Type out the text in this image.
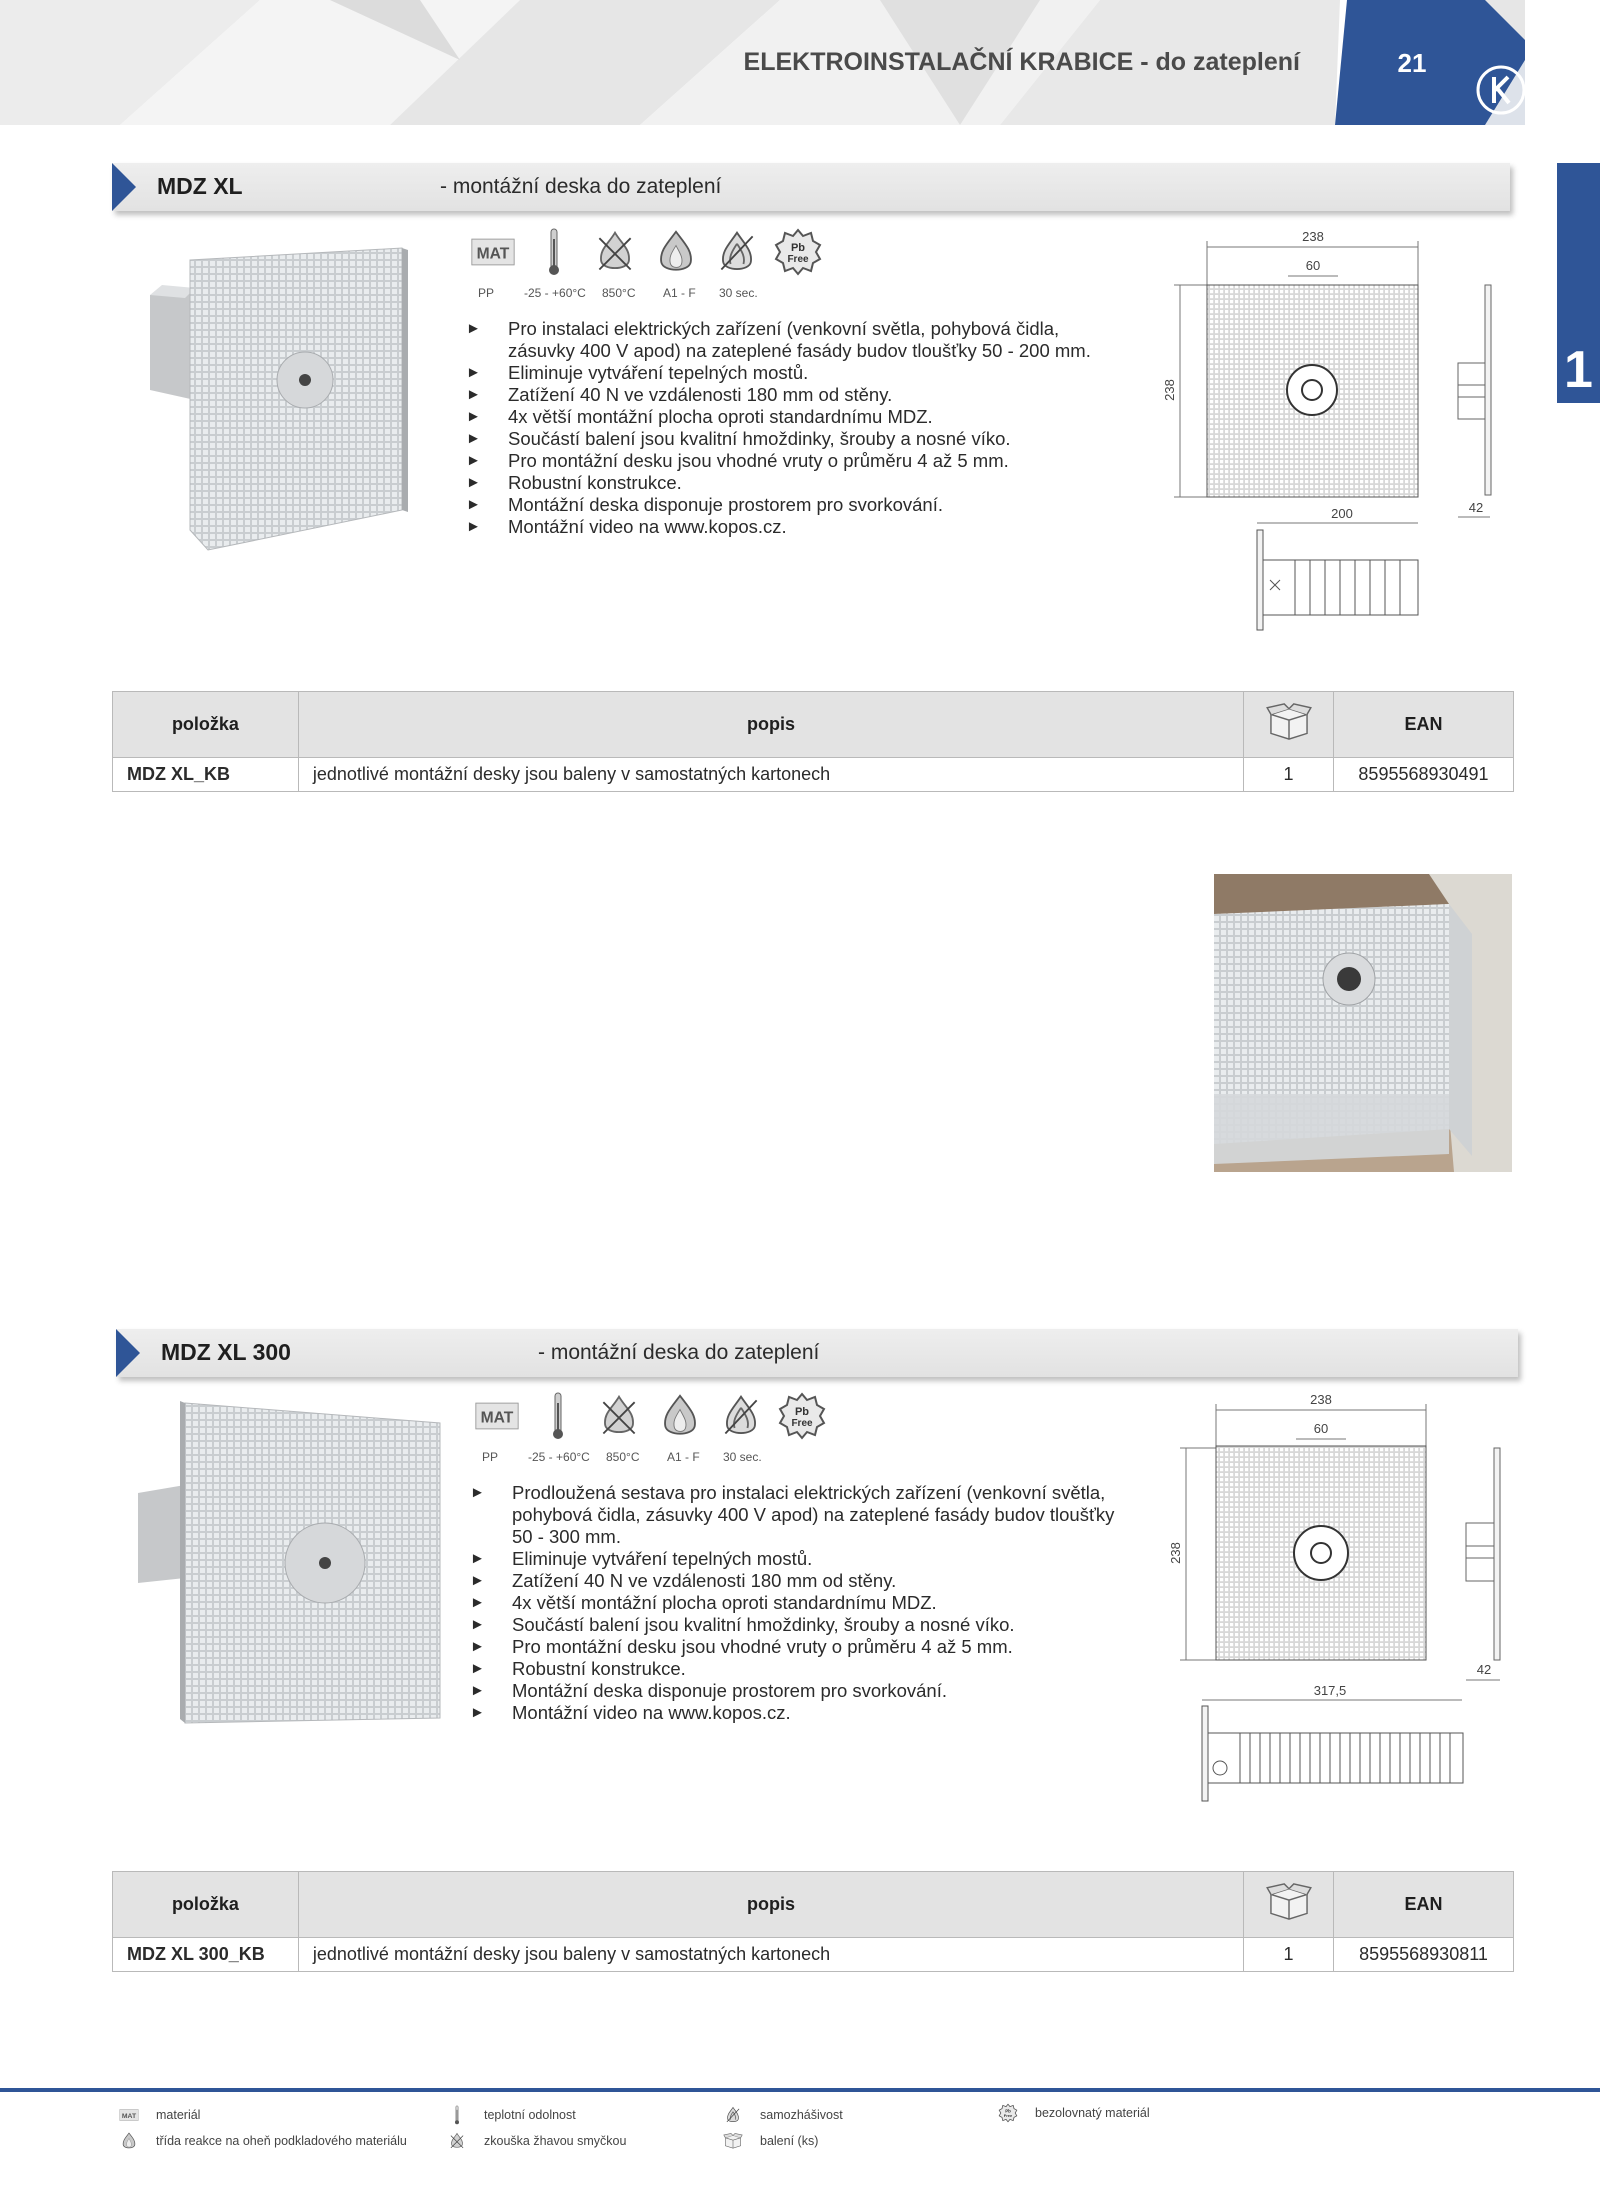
ELEKTROINSTALAČNÍ KRABICE - do zateplení	21
1
MDZ XL	- montážní deska do zateplení
PP -25 - +60°C 850°C A1 - F 30 sec.
► Pro instalaci elektrických zařízení (venkovní světla, pohybová čidla, zásuvky 400 V apod) na zateplené fasády budov tloušťky 50 - 200 mm.
► Eliminuje vytváření tepelných mostů.
► Zatížení 40 N ve vzdálenosti 180 mm od stěny.
► 4x větší montážní plocha oproti standardnímu MDZ.
► Součástí balení jsou kvalitní hmoždinky, šrouby a nosné víko.
► Pro montážní desku jsou vhodné vruty o průměru 4 až 5 mm.
► Robustní konstrukce.
► Montážní deska disponuje prostorem pro svorkování.
► Montážní video na www.kopos.cz.
238
60
238
200	42
položka	popis		EAN
MDZ XL_KB	jednotlivé montážní desky jsou baleny v samostatných kartonech	1	8595568930491
MDZ XL 300	- montážní deska do zateplení
PP -25 - +60°C 850°C A1 - F 30 sec.
► Prodloužená sestava pro instalaci elektrických zařízení (venkovní světla, pohybová čidla, zásuvky 400 V apod) na zateplené fasády budov tloušťky 50 - 300 mm.
► Eliminuje vytváření tepelných mostů.
► Zatížení 40 N ve vzdálenosti 180 mm od stěny.
► 4x větší montážní plocha oproti standardnímu MDZ.
► Součástí balení jsou kvalitní hmoždinky, šrouby a nosné víko.
► Pro montážní desku jsou vhodné vruty o průměru 4 až 5 mm.
► Robustní konstrukce.
► Montážní deska disponuje prostorem pro svorkování.
► Montážní video na www.kopos.cz.
238
60
238
317,5
42
položka	popis		EAN
MDZ XL 300_KB	jednotlivé montážní desky jsou baleny v samostatných kartonech	1	8595568930811
materiál	teplotní odolnost	samozhášivost	bezolovnatý materiál
třída reakce na oheň podkladového materiálu	zkouška žhavou smyčkou	balení (ks)
